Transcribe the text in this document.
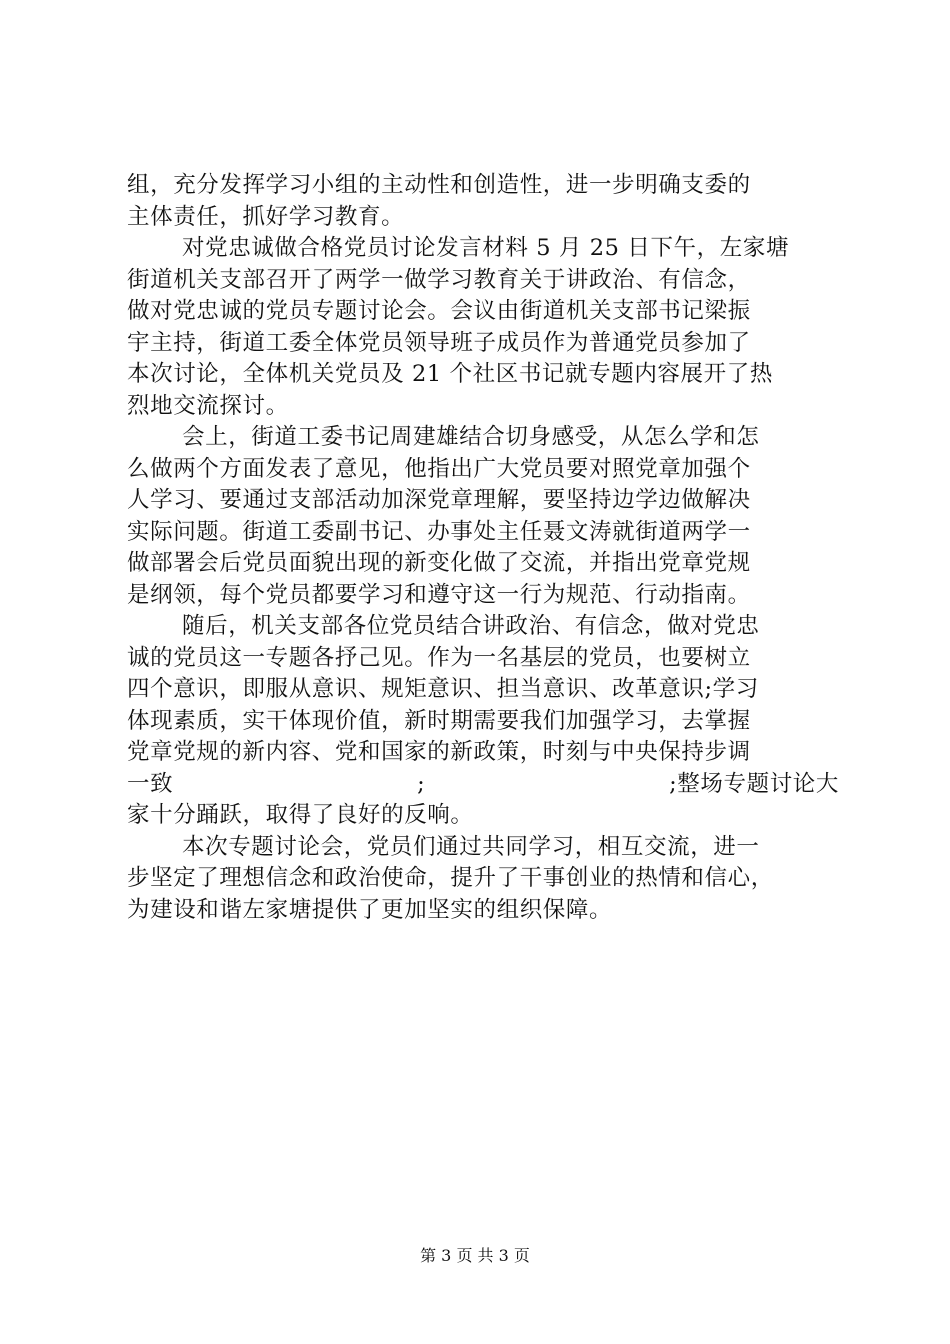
组，充分发挥学习小组的主动性和创造性，进一步明确支委的
主体责任，抓好学习教育。
对党忠诚做合格党员讨论发言材料 5 月 25 日下午，左家塘
街道机关支部召开了两学一做学习教育关于讲政治、有信念，
做对党忠诚的党员专题讨论会。会议由街道机关支部书记梁振
宇主持，街道工委全体党员领导班子成员作为普通党员参加了
本次讨论，全体机关党员及 21 个社区书记就专题内容展开了热
烈地交流探讨。
会上，街道工委书记周建雄结合切身感受，从怎么学和怎
么做两个方面发表了意见，他指出广大党员要对照党章加强个
人学习、要通过支部活动加深党章理解，要坚持边学边做解决
实际问题。街道工委副书记、办事处主任聂文涛就街道两学一
做部署会后党员面貌出现的新变化做了交流，并指出党章党规
是纲领，每个党员都要学习和遵守这一行为规范、行动指南。
随后，机关支部各位党员结合讲政治、有信念，做对党忠
诚的党员这一专题各抒己见。作为一名基层的党员，也要树立
四个意识，即服从意识、规矩意识、担当意识、改革意识;学习
体现素质，实干体现价值，新时期需要我们加强学习，去掌握
党章党规的新内容、党和国家的新政策，时刻与中央保持步调
一致	;	;整场专题讨论大
家十分踊跃，取得了良好的反响。
本次专题讨论会，党员们通过共同学习，相互交流，进一
步坚定了理想信念和政治使命，提升了干事创业的热情和信心，
为建设和谐左家塘提供了更加坚实的组织保障。
第 3 页 共 3 页
